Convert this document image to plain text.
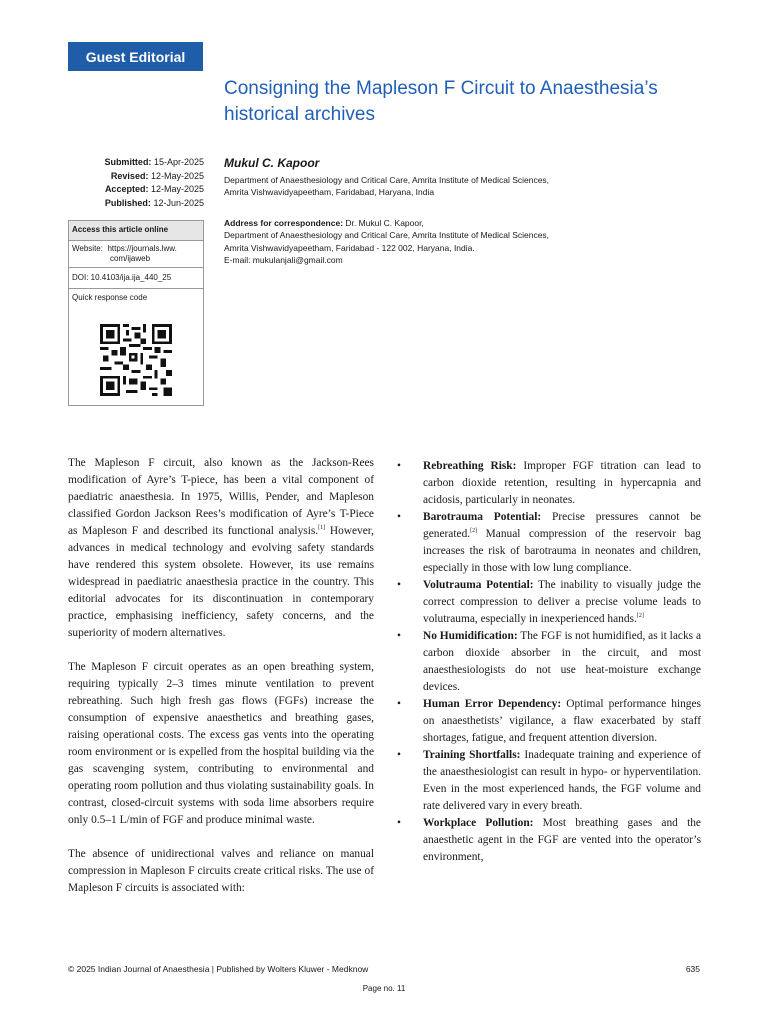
Guest Editorial
Consigning the Mapleson F Circuit to Anaesthesia’s
historical archives
Submitted: 15-Apr-2025
Revised: 12-May-2025
Accepted: 12-May-2025
Published: 12-Jun-2025
Access this article online
Website: https://journals.lww.
com/ijaweb
DOI: 10.4103/ija.ija_440_25
Quick response code
Mukul C. Kapoor
Department of Anaesthesiology and Critical Care, Amrita Institute of Medical Sciences,
Amrita Vishwavidyapeetham, Faridabad, Haryana, India
Address for correspondence: Dr. Mukul C. Kapoor,
Department of Anaesthesiology and Critical Care, Amrita Institute of Medical Sciences,
Amrita Vishwavidyapeetham, Faridabad - 122 002, Haryana, India.
E-mail: mukulanjali@gmail.com

The Mapleson F circuit, also known as the Jackson-Rees modification of Ayre’s T-piece, has been a vital component of paediatric anaesthesia. In 1975, Willis, Pender, and Mapleson classified Gordon Jackson Rees’s modification of Ayre’s T-Piece as Mapleson F and described its functional analysis.[1] However, advances in medical technology and evolving safety standards have rendered this system obsolete. However, its use remains widespread in paediatric anaesthesia practice in the country. This editorial advocates for its discontinuation in contemporary practice, emphasising inefficiency, safety concerns, and the superiority of modern alternatives.

The Mapleson F circuit operates as an open breathing system, requiring typically 2–3 times minute ventilation to prevent rebreathing. Such high fresh gas flows (FGFs) increase the consumption of expensive anaesthetics and breathing gases, raising operational costs. The excess gas vents into the operating room environment or is expelled from the hospital building via the gas scavenging system, contributing to environmental and operating room pollution and thus violating sustainability goals. In contrast, closed-circuit systems with soda lime absorbers require only 0.5–1 L/min of FGF and produce minimal waste.

The absence of unidirectional valves and reliance on manual compression in Mapleson F circuits create critical risks. The use of Mapleson F circuits is associated with:

• Rebreathing Risk: Improper FGF titration can lead to carbon dioxide retention, resulting in hypercapnia and acidosis, particularly in neonates.
• Barotrauma Potential: Precise pressures cannot be generated.[2] Manual compression of the reservoir bag increases the risk of barotrauma in neonates and children, especially in those with low lung compliance.
• Volutrauma Potential: The inability to visually judge the correct compression to deliver a precise volume leads to volutrauma, especially in inexperienced hands.[2]
• No Humidification: The FGF is not humidified, as it lacks a carbon dioxide absorber in the circuit, and most anaesthesiologists do not use heat-moisture exchange devices.
• Human Error Dependency: Optimal performance hinges on anaesthetists’ vigilance, a flaw exacerbated by staff shortages, fatigue, and frequent attention diversion.
• Training Shortfalls: Inadequate training and experience of the anaesthesiologist can result in hypo- or hyperventilation. Even in the most experienced hands, the FGF volume and rate delivered vary in every breath.
• Workplace Pollution: Most breathing gases and the anaesthetic agent in the FGF are vented into the operator’s environment,
© 2025 Indian Journal of Anaesthesia | Published by Wolters Kluwer - Medknow	635
Page no. 11
